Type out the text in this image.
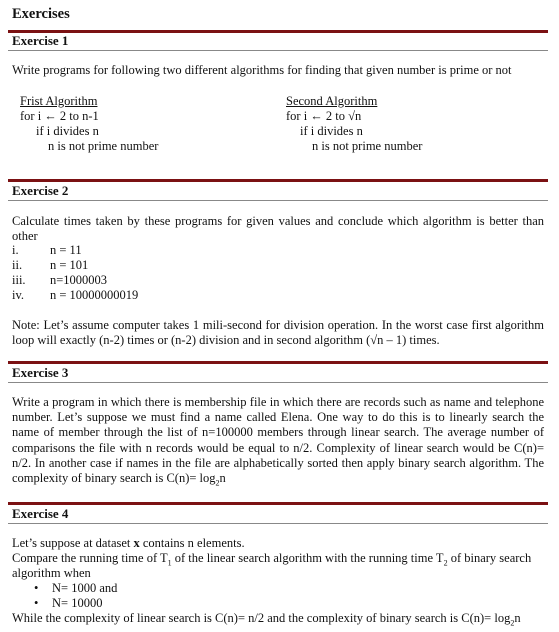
Exercises
Exercise 1
Write programs for following two different algorithms for finding that given number is prime or not
Frist Algorithm
for i ← 2 to n-1
if i divides n
n is not prime number
Second Algorithm
for i ← 2 to √n
if i divides n
n is not prime number
Exercise 2
Calculate times taken by these programs for given values and conclude which algorithm is better than other
i.	n = 11
ii. n = 101
iii. n=1000003
iv. n = 10000000019
Note: Let’s assume computer takes 1 mili-second for division operation. In the worst case first algorithm loop will exactly (n-2) times or (n-2) division and in second algorithm (√n – 1) times.
Exercise 3
Write a program in which there is membership file in which there are records such as name and telephone number. Let’s suppose we must find a name called Elena. One way to do this is to linearly search the name of member through the list of n=100000 members through linear search. The average number of comparisons the file with n records would be equal to n/2. Complexity of linear search would be C(n)= n/2. In another case if names in the file are alphabetically sorted then apply binary search algorithm. The complexity of binary search is $C(n)= \log_2n$
Exercise 4
Let’s suppose at dataset x contains n elements.
Compare the running time of $T_1$ of the linear search algorithm with the running time $T_2$ of binary search
algorithm when
• N= 1000 and
• N= 10000
While the complexity of linear search is C(n)= n/2 and the complexity of binary search is $C(n)= \log_2n$
